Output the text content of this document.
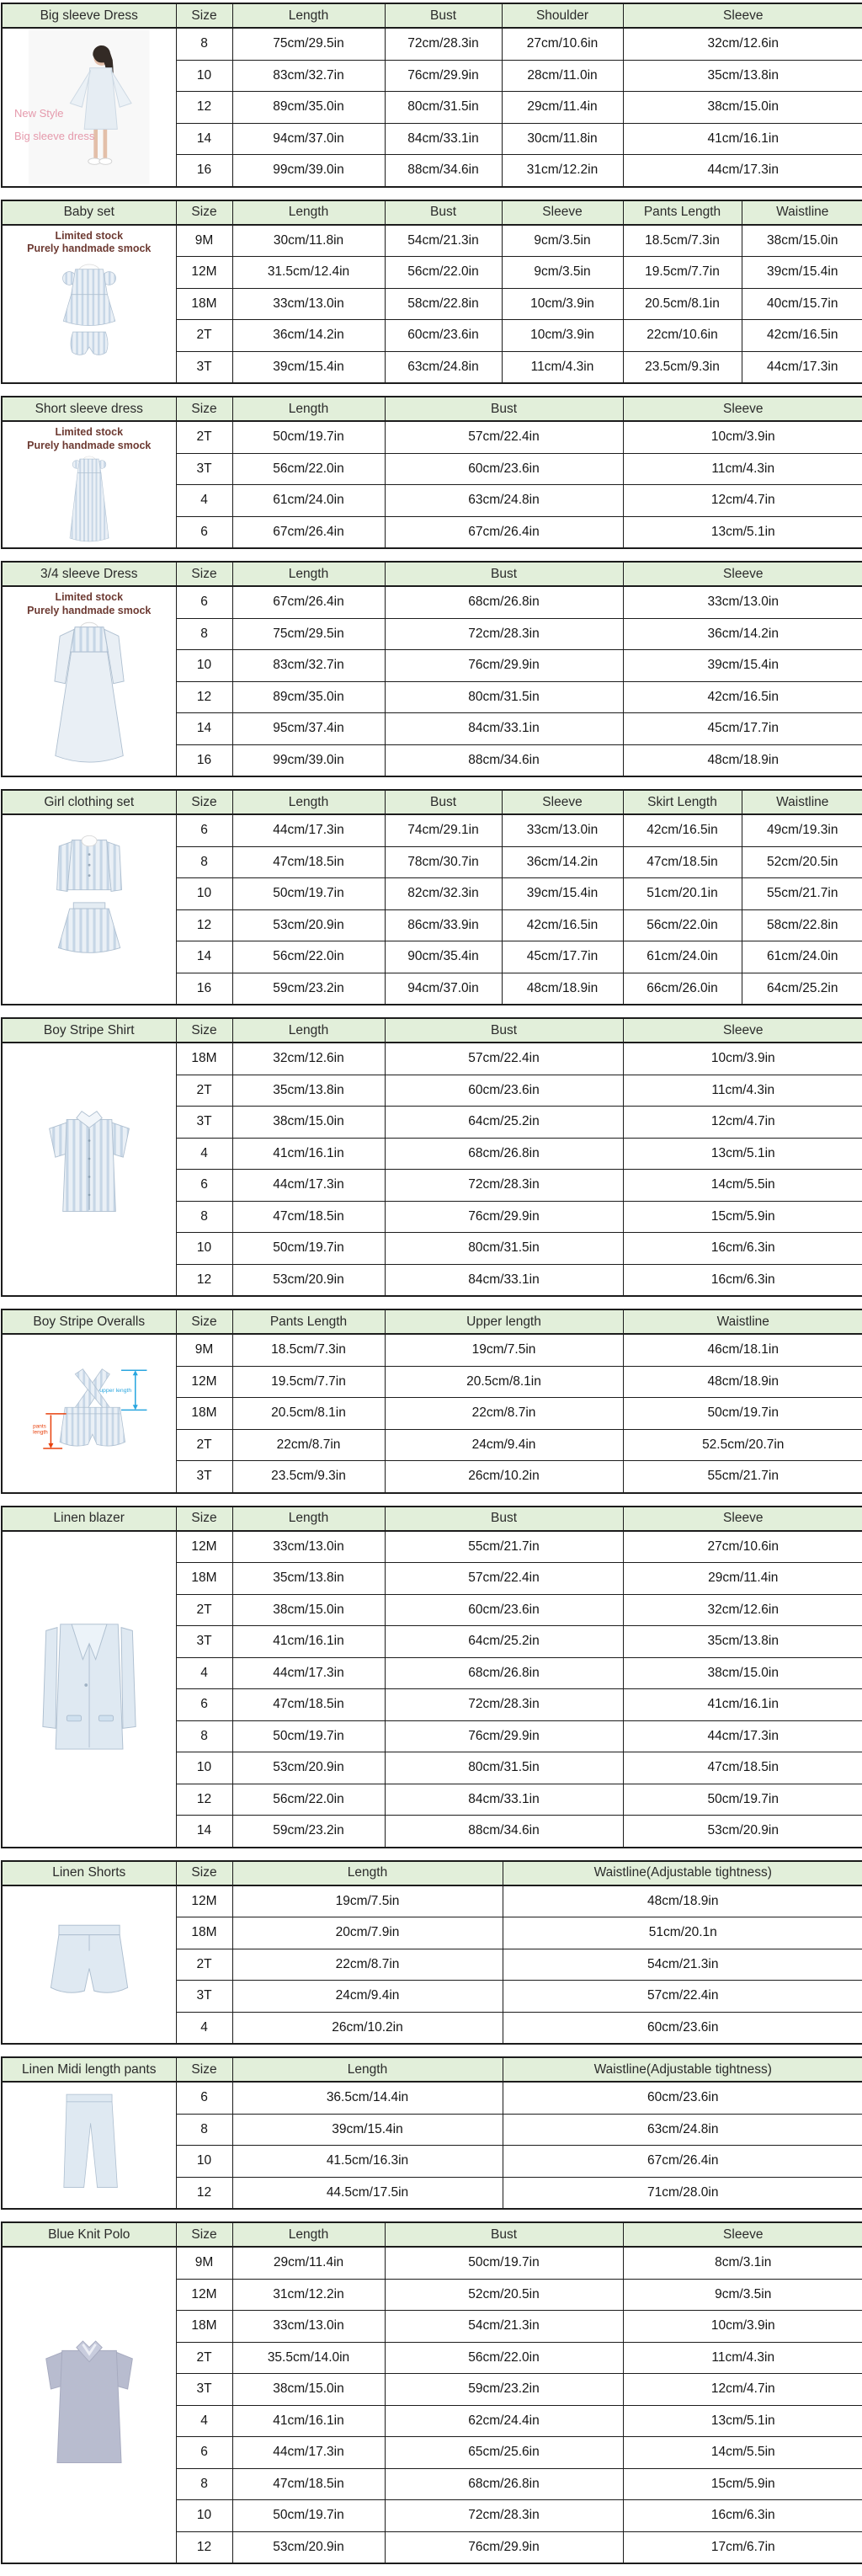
Big sleeve Dress	Size	Length	Bust	Shoulder	Sleeve

New Style
Big sleeve dress	8	75cm/29.5in	72cm/28.3in	27cm/10.6in	32cm/12.6in
	10	83cm/32.7in	76cm/29.9in	28cm/11.0in	35cm/13.8in
	12	89cm/35.0in	80cm/31.5in	29cm/11.4in	38cm/15.0in
	14	94cm/37.0in	84cm/33.1in	30cm/11.8in	41cm/16.1in
	16	99cm/39.0in	88cm/34.6in	31cm/12.2in	44cm/17.3in
Baby set	Size	Length	Bust	Sleeve	Pants Length	Waistline

Limited stock
Purely handmade smock	9M	30cm/11.8in	54cm/21.3in	9cm/3.5in	18.5cm/7.3in	38cm/15.0in
	12M	31.5cm/12.4in	56cm/22.0in	9cm/3.5in	19.5cm/7.7in	39cm/15.4in
	18M	33cm/13.0in	58cm/22.8in	10cm/3.9in	20.5cm/8.1in	40cm/15.7in
	2T	36cm/14.2in	60cm/23.6in	10cm/3.9in	22cm/10.6in	42cm/16.5in
	3T	39cm/15.4in	63cm/24.8in	11cm/4.3in	23.5cm/9.3in	44cm/17.3in
Short sleeve dress	Size	Length	Bust	Sleeve

Limited stock
Purely handmade smock	2T	50cm/19.7in	57cm/22.4in	10cm/3.9in
	3T	56cm/22.0in	60cm/23.6in	11cm/4.3in
	4	61cm/24.0in	63cm/24.8in	12cm/4.7in
	6	67cm/26.4in	67cm/26.4in	13cm/5.1in
3/4 sleeve Dress	Size	Length	Bust	Sleeve

Limited stock
Purely handmade smock	6	67cm/26.4in	68cm/26.8in	33cm/13.0in
	8	75cm/29.5in	72cm/28.3in	36cm/14.2in
	10	83cm/32.7in	76cm/29.9in	39cm/15.4in
	12	89cm/35.0in	80cm/31.5in	42cm/16.5in
	14	95cm/37.4in	84cm/33.1in	45cm/17.7in
	16	99cm/39.0in	88cm/34.6in	48cm/18.9in
Girl clothing set	Size	Length	Bust	Sleeve	Skirt Length	Waistline

	6	44cm/17.3in	74cm/29.1in	33cm/13.0in	42cm/16.5in	49cm/19.3in
	8	47cm/18.5in	78cm/30.7in	36cm/14.2in	47cm/18.5in	52cm/20.5in
	10	50cm/19.7in	82cm/32.3in	39cm/15.4in	51cm/20.1in	55cm/21.7in
	12	53cm/20.9in	86cm/33.9in	42cm/16.5in	56cm/22.0in	58cm/22.8in
	14	56cm/22.0in	90cm/35.4in	45cm/17.7in	61cm/24.0in	61cm/24.0in
	16	59cm/23.2in	94cm/37.0in	48cm/18.9in	66cm/26.0in	64cm/25.2in
Boy Stripe Shirt	Size	Length	Bust	Sleeve

	18M	32cm/12.6in	57cm/22.4in	10cm/3.9in
	2T	35cm/13.8in	60cm/23.6in	11cm/4.3in
	3T	38cm/15.0in	64cm/25.2in	12cm/4.7in
	4	41cm/16.1in	68cm/26.8in	13cm/5.1in
	6	44cm/17.3in	72cm/28.3in	14cm/5.5in
	8	47cm/18.5in	76cm/29.9in	15cm/5.9in
	10	50cm/19.7in	80cm/31.5in	16cm/6.3in
	12	53cm/20.9in	84cm/33.1in	16cm/6.3in
Boy Stripe Overalls	Size	Pants Length	Upper length	Waistline

upper length
pants length	9M	18.5cm/7.3in	19cm/7.5in	46cm/18.1in
	12M	19.5cm/7.7in	20.5cm/8.1in	48cm/18.9in
	18M	20.5cm/8.1in	22cm/8.7in	50cm/19.7in
	2T	22cm/8.7in	24cm/9.4in	52.5cm/20.7in
	3T	23.5cm/9.3in	26cm/10.2in	55cm/21.7in
Linen blazer	Size	Length	Bust	Sleeve

	12M	33cm/13.0in	55cm/21.7in	27cm/10.6in
	18M	35cm/13.8in	57cm/22.4in	29cm/11.4in
	2T	38cm/15.0in	60cm/23.6in	32cm/12.6in
	3T	41cm/16.1in	64cm/25.2in	35cm/13.8in
	4	44cm/17.3in	68cm/26.8in	38cm/15.0in
	6	47cm/18.5in	72cm/28.3in	41cm/16.1in
	8	50cm/19.7in	76cm/29.9in	44cm/17.3in
	10	53cm/20.9in	80cm/31.5in	47cm/18.5in
	12	56cm/22.0in	84cm/33.1in	50cm/19.7in
	14	59cm/23.2in	88cm/34.6in	53cm/20.9in
Linen Shorts	Size	Length	Waistline(Adjustable tightness)

	12M	19cm/7.5in	48cm/18.9in
	18M	20cm/7.9in	51cm/20.1n
	2T	22cm/8.7in	54cm/21.3in
	3T	24cm/9.4in	57cm/22.4in
	4	26cm/10.2in	60cm/23.6in
Linen Midi length pants	Size	Length	Waistline(Adjustable tightness)

	6	36.5cm/14.4in	60cm/23.6in
	8	39cm/15.4in	63cm/24.8in
	10	41.5cm/16.3in	67cm/26.4in
	12	44.5cm/17.5in	71cm/28.0in
Blue Knit Polo	Size	Length	Bust	Sleeve

	9M	29cm/11.4in	50cm/19.7in	8cm/3.1in
	12M	31cm/12.2in	52cm/20.5in	9cm/3.5in
	18M	33cm/13.0in	54cm/21.3in	10cm/3.9in
	2T	35.5cm/14.0in	56cm/22.0in	11cm/4.3in
	3T	38cm/15.0in	59cm/23.2in	12cm/4.7in
	4	41cm/16.1in	62cm/24.4in	13cm/5.1in
	6	44cm/17.3in	65cm/25.6in	14cm/5.5in
	8	47cm/18.5in	68cm/26.8in	15cm/5.9in
	10	50cm/19.7in	72cm/28.3in	16cm/6.3in
	12	53cm/20.9in	76cm/29.9in	17cm/6.7in
